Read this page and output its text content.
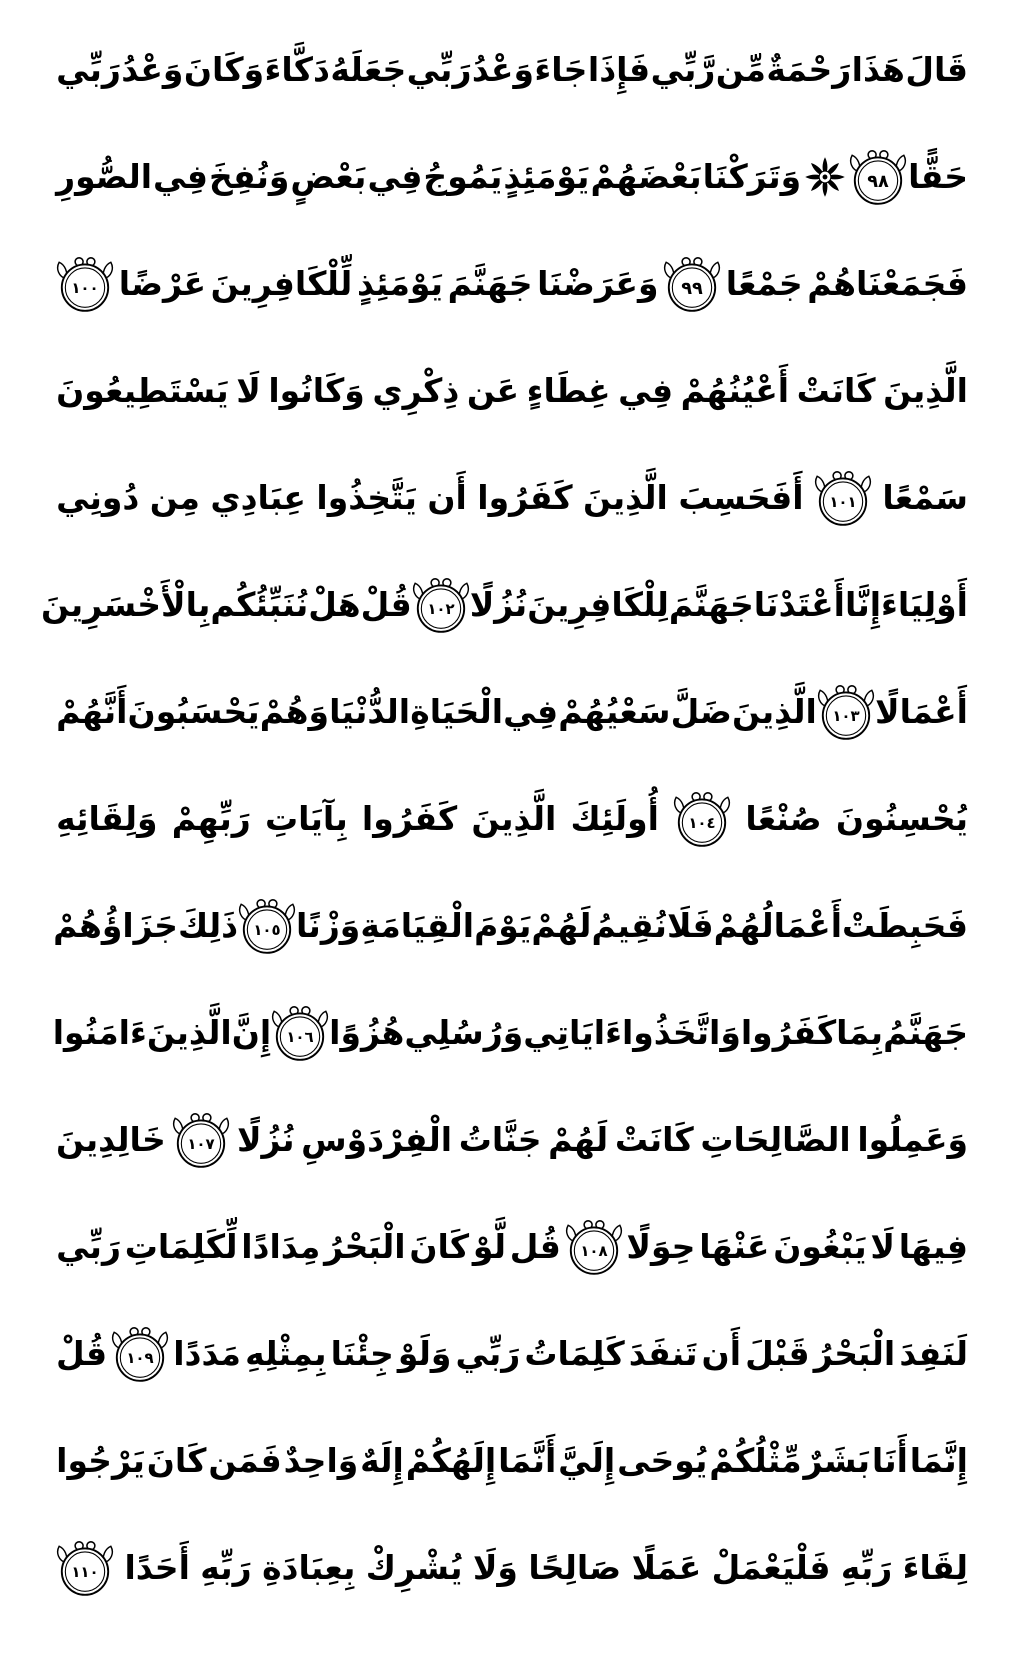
قَالَ
هَذَا
رَحْمَةٌ
مِّن
رَّبِّي
فَإِذَا
جَاءَ
وَعْدُ
رَبِّي
جَعَلَهُ
دَكَّاءَ
وَكَانَ
وَعْدُ
رَبِّي
حَقًّا
٩٨
وَتَرَكْنَا
بَعْضَهُمْ
يَوْمَئِذٍ
يَمُوجُ
فِي
بَعْضٍ
وَنُفِخَ
فِي
الصُّورِ
فَجَمَعْنَاهُمْ
جَمْعًا
٩٩
وَعَرَضْنَا
جَهَنَّمَ
يَوْمَئِذٍ
لِّلْكَافِرِينَ
عَرْضًا
١٠٠
الَّذِينَ
كَانَتْ
أَعْيُنُهُمْ
فِي
غِطَاءٍ
عَن
ذِكْرِي
وَكَانُوا
لَا
يَسْتَطِيعُونَ
سَمْعًا
١٠١
أَفَحَسِبَ
الَّذِينَ
كَفَرُوا
أَن
يَتَّخِذُوا
عِبَادِي
مِن
دُونِي
أَوْلِيَاءَ
إِنَّا
أَعْتَدْنَا
جَهَنَّمَ
لِلْكَافِرِينَ
نُزُلًا
١٠٢
قُلْ
هَلْ
نُنَبِّئُكُم
بِالْأَخْسَرِينَ
أَعْمَالًا
١٠٣
الَّذِينَ
ضَلَّ
سَعْيُهُمْ
فِي
الْحَيَاةِ
الدُّنْيَا
وَهُمْ
يَحْسَبُونَ
أَنَّهُمْ
يُحْسِنُونَ
صُنْعًا
١٠٤
أُولَئِكَ
الَّذِينَ
كَفَرُوا
بِآيَاتِ
رَبِّهِمْ
وَلِقَائِهِ
فَحَبِطَتْ
أَعْمَالُهُمْ
فَلَا
نُقِيمُ
لَهُمْ
يَوْمَ
الْقِيَامَةِ
وَزْنًا
١٠٥
ذَلِكَ
جَزَاؤُهُمْ
جَهَنَّمُ
بِمَا
كَفَرُوا
وَاتَّخَذُوا
ءَايَاتِي
وَرُسُلِي
هُزُوًا
١٠٦
إِنَّ
الَّذِينَ
ءَامَنُوا
وَعَمِلُوا
الصَّالِحَاتِ
كَانَتْ
لَهُمْ
جَنَّاتُ
الْفِرْدَوْسِ
نُزُلًا
١٠٧
خَالِدِينَ
فِيهَا
لَا
يَبْغُونَ
عَنْهَا
حِوَلًا
١٠٨
قُل
لَّوْ
كَانَ
الْبَحْرُ
مِدَادًا
لِّكَلِمَاتِ
رَبِّي
لَنَفِدَ
الْبَحْرُ
قَبْلَ
أَن
تَنفَدَ
كَلِمَاتُ
رَبِّي
وَلَوْ
جِئْنَا
بِمِثْلِهِ
مَدَدًا
١٠٩
قُلْ
إِنَّمَا
أَنَا
بَشَرٌ
مِّثْلُكُمْ
يُوحَى
إِلَيَّ
أَنَّمَا
إِلَهُكُمْ
إِلَهٌ
وَاحِدٌ
فَمَن
كَانَ
يَرْجُوا
لِقَاءَ
رَبِّهِ
فَلْيَعْمَلْ
عَمَلًا
صَالِحًا
وَلَا
يُشْرِكْ
بِعِبَادَةِ
رَبِّهِ
أَحَدًا
١١٠
